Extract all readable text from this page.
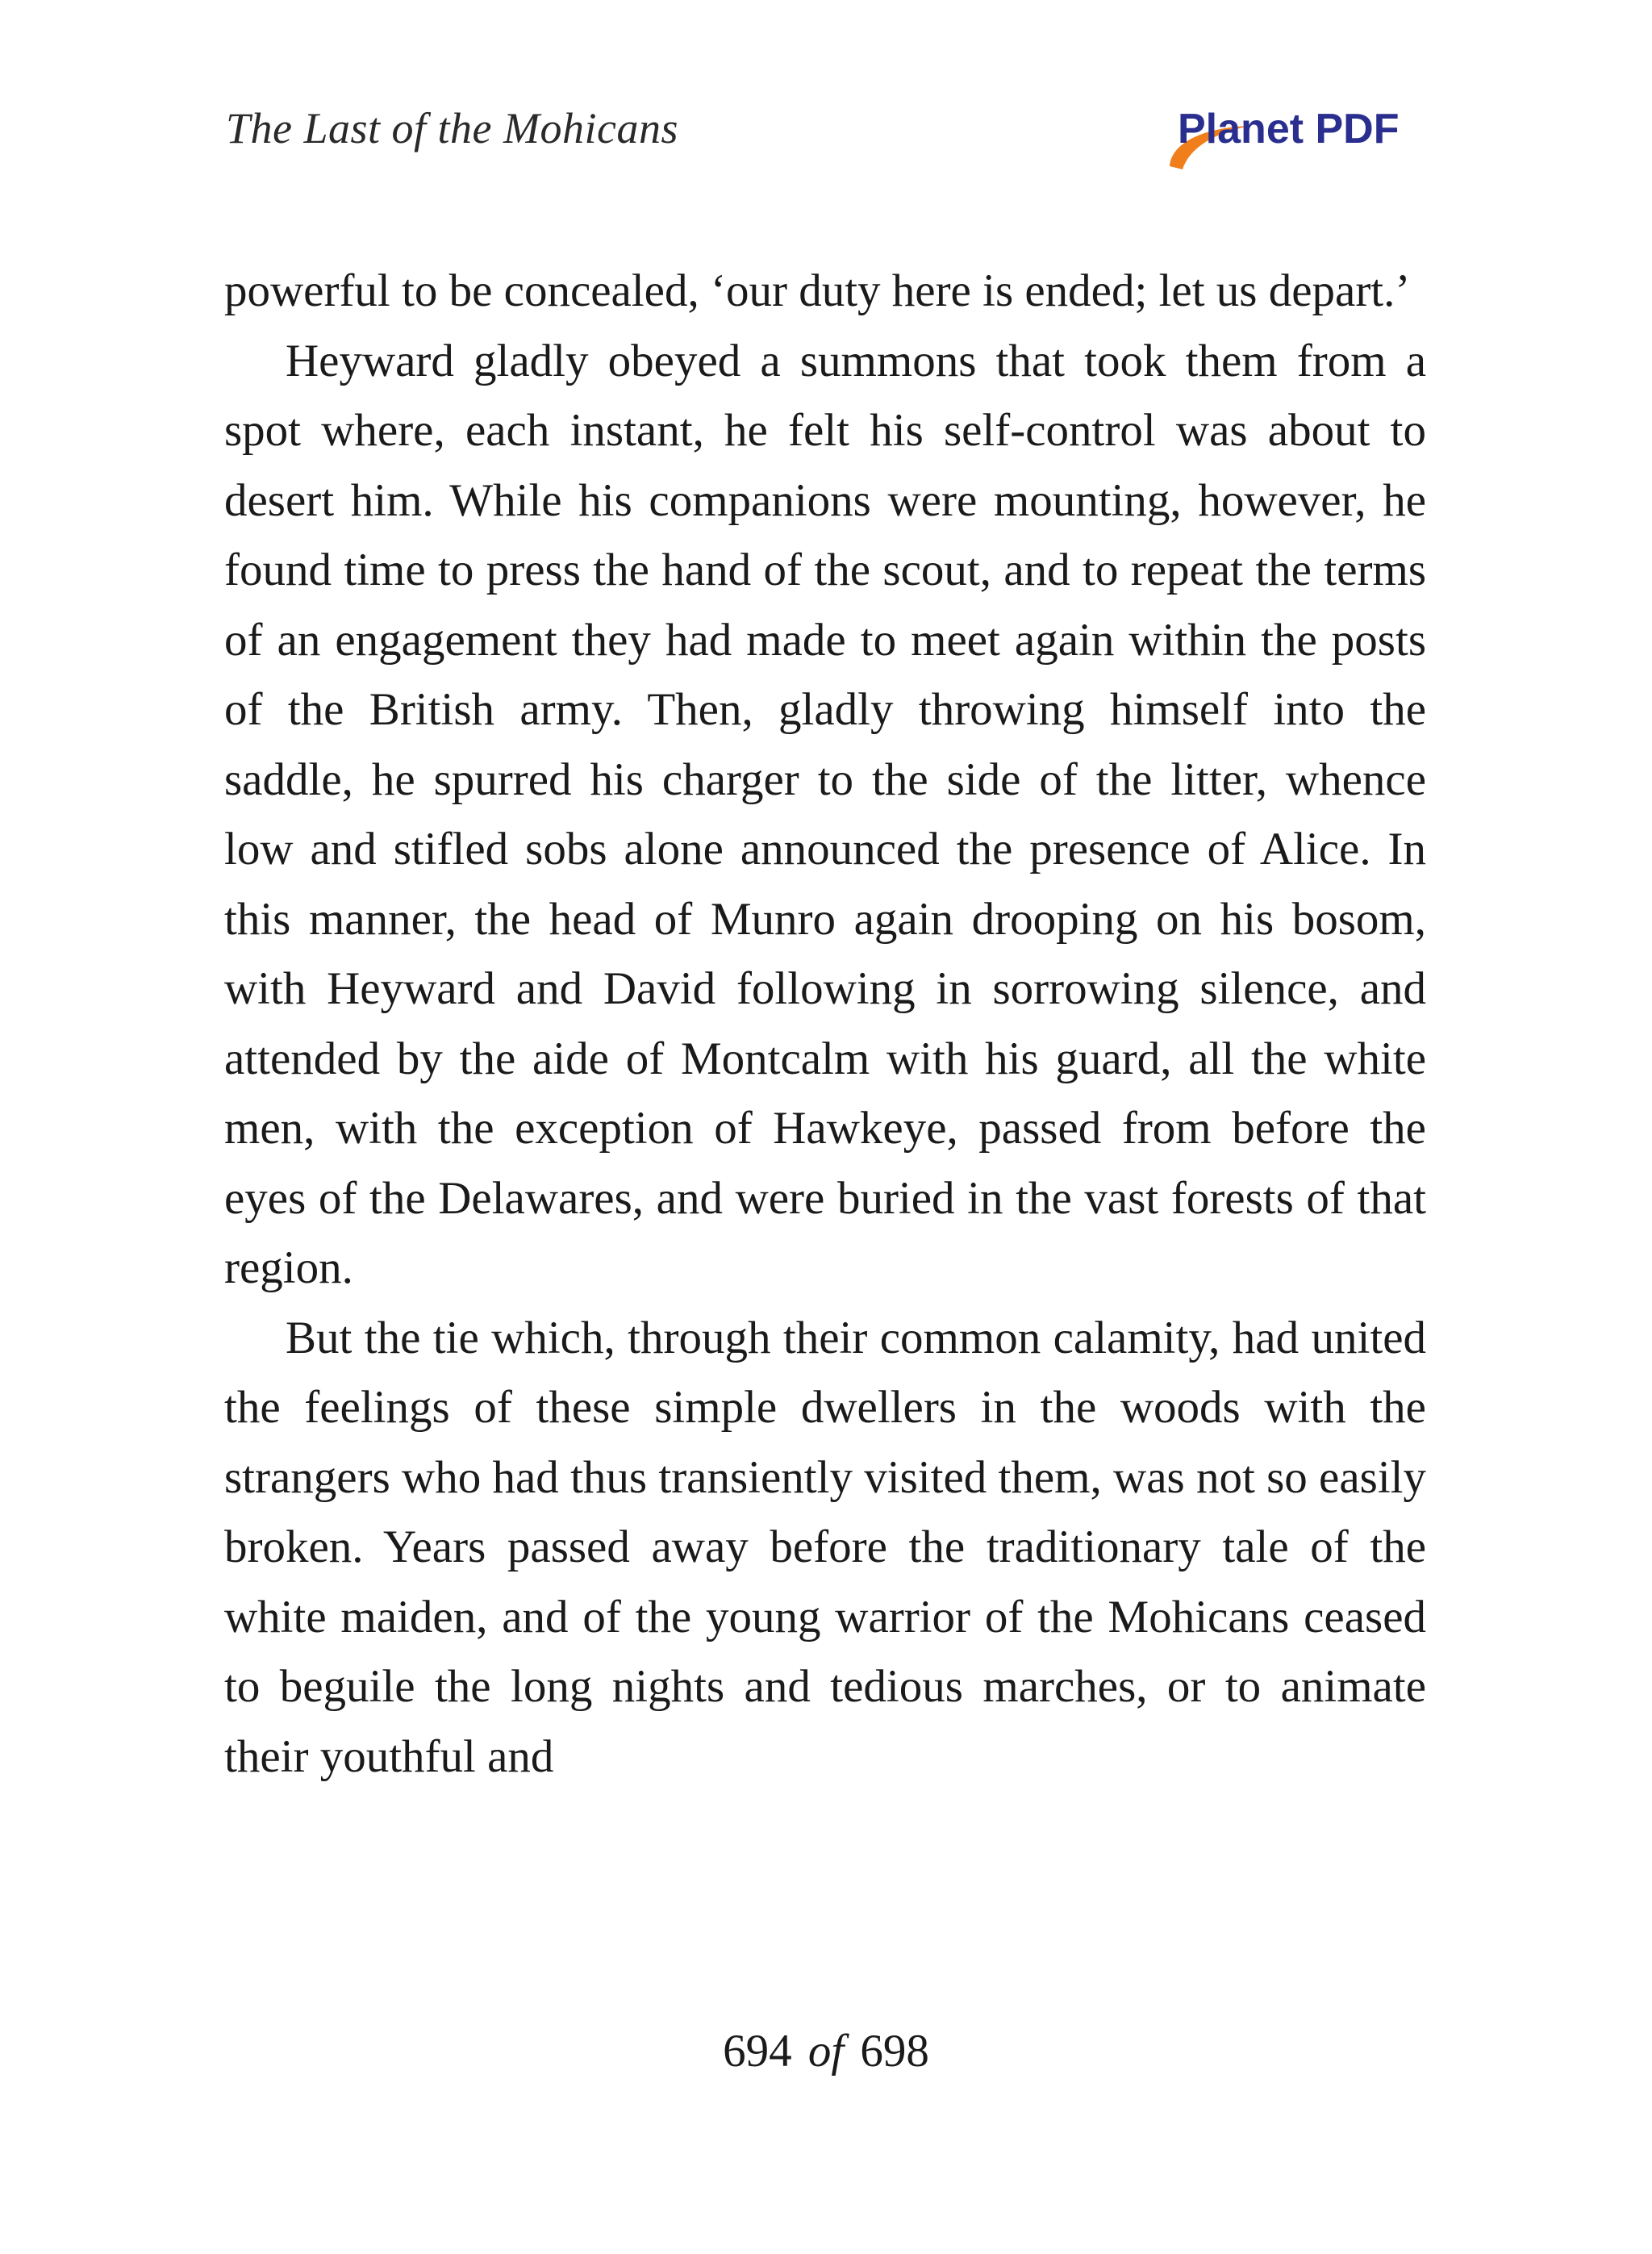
The Last of the Mohicans	Planet PDF

powerful to be concealed, ‘our duty here is ended; let us depart.’

Heyward gladly obeyed a summons that took them from a spot where, each instant, he felt his self-control was about to desert him. While his companions were mounting, however, he found time to press the hand of the scout, and to repeat the terms of an engagement they had made to meet again within the posts of the British army. Then, gladly throwing himself into the saddle, he spurred his charger to the side of the litter, whence low and stifled sobs alone announced the presence of Alice. In this manner, the head of Munro again drooping on his bosom, with Heyward and David following in sorrowing silence, and attended by the aide of Montcalm with his guard, all the white men, with the exception of Hawkeye, passed from before the eyes of the Delawares, and were buried in the vast forests of that region.

But the tie which, through their common calamity, had united the feelings of these simple dwellers in the woods with the strangers who had thus transiently visited them, was not so easily broken. Years passed away before the traditionary tale of the white maiden, and of the young warrior of the Mohicans ceased to beguile the long nights and tedious marches, or to animate their youthful and

694 of 698
